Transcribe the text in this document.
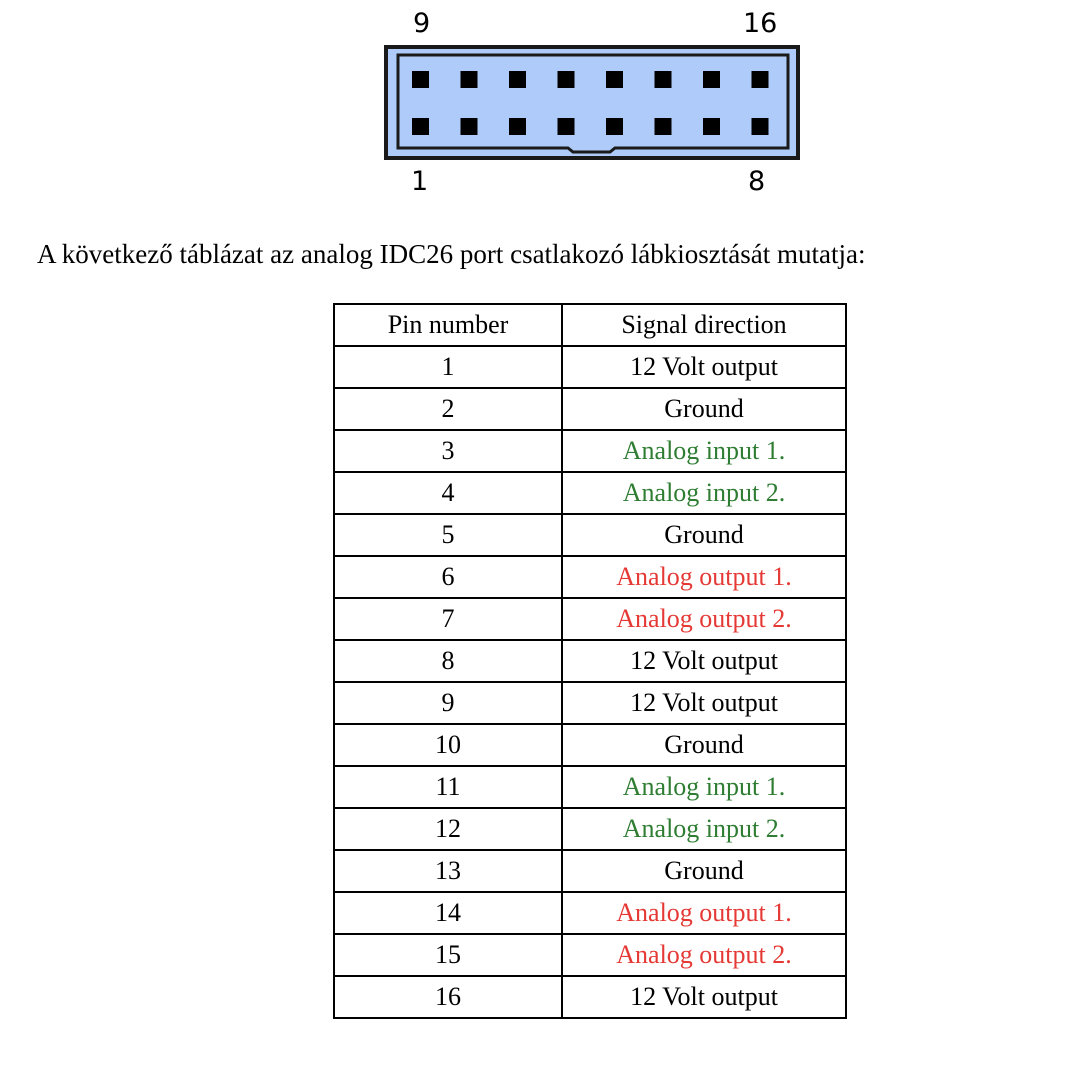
9	16
1	8

A következő táblázat az analog IDC26 port csatlakozó lábkiosztását mutatja:

Pin number	Signal direction
1	12 Volt output
2	Ground
3	Analog input 1.
4	Analog input 2.
5	Ground
6	Analog output 1.
7	Analog output 2.
8	12 Volt output
9	12 Volt output
10	Ground
11	Analog input 1.
12	Analog input 2.
13	Ground
14	Analog output 1.
15	Analog output 2.
16	12 Volt output
